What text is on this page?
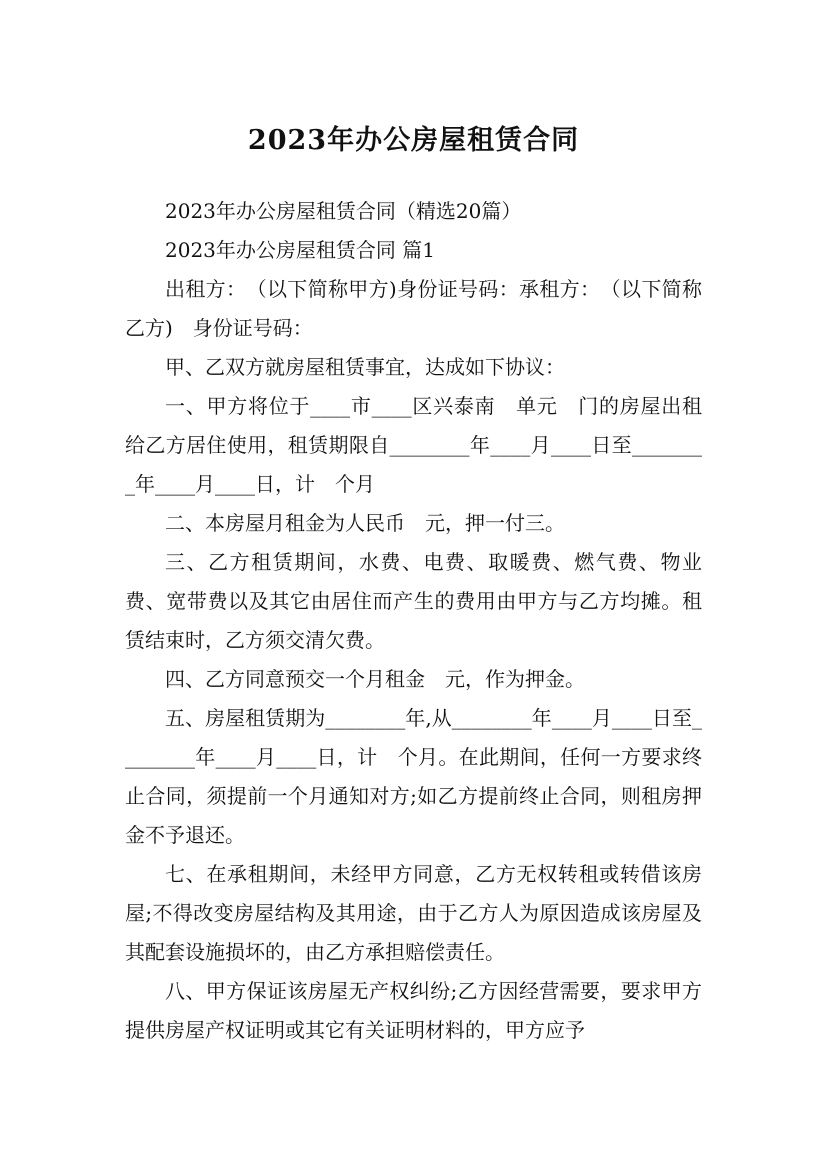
2023年办公房屋租赁合同

2023年办公房屋租赁合同（精选20篇）

2023年办公房屋租赁合同 篇1

出租方：　（以下简称甲方)身份证号码：承租方：　（以下简称乙方)　身份证号码：

甲、乙双方就房屋租赁事宜，达成如下协议：

一、甲方将位于____市____区兴泰南　单元　门的房屋出租给乙方居住使用，租赁期限自________年____月____日至________年____月____日，计　个月

二、本房屋月租金为人民币　元，押一付三。

三、乙方租赁期间，水费、电费、取暖费、燃气费、物业费、宽带费以及其它由居住而产生的费用由甲方与乙方均摊。租赁结束时，乙方须交清欠费。

四、乙方同意预交一个月租金　元，作为押金。

五、房屋租赁期为________年,从________年____月____日至________年____月____日，计　个月。在此期间，任何一方要求终止合同，须提前一个月通知对方;如乙方提前终止合同，则租房押金不予退还。

七、在承租期间，未经甲方同意，乙方无权转租或转借该房屋;不得改变房屋结构及其用途，由于乙方人为原因造成该房屋及其配套设施损坏的，由乙方承担赔偿责任。

八、甲方保证该房屋无产权纠纷;乙方因经营需要，要求甲方提供房屋产权证明或其它有关证明材料的，甲方应予
